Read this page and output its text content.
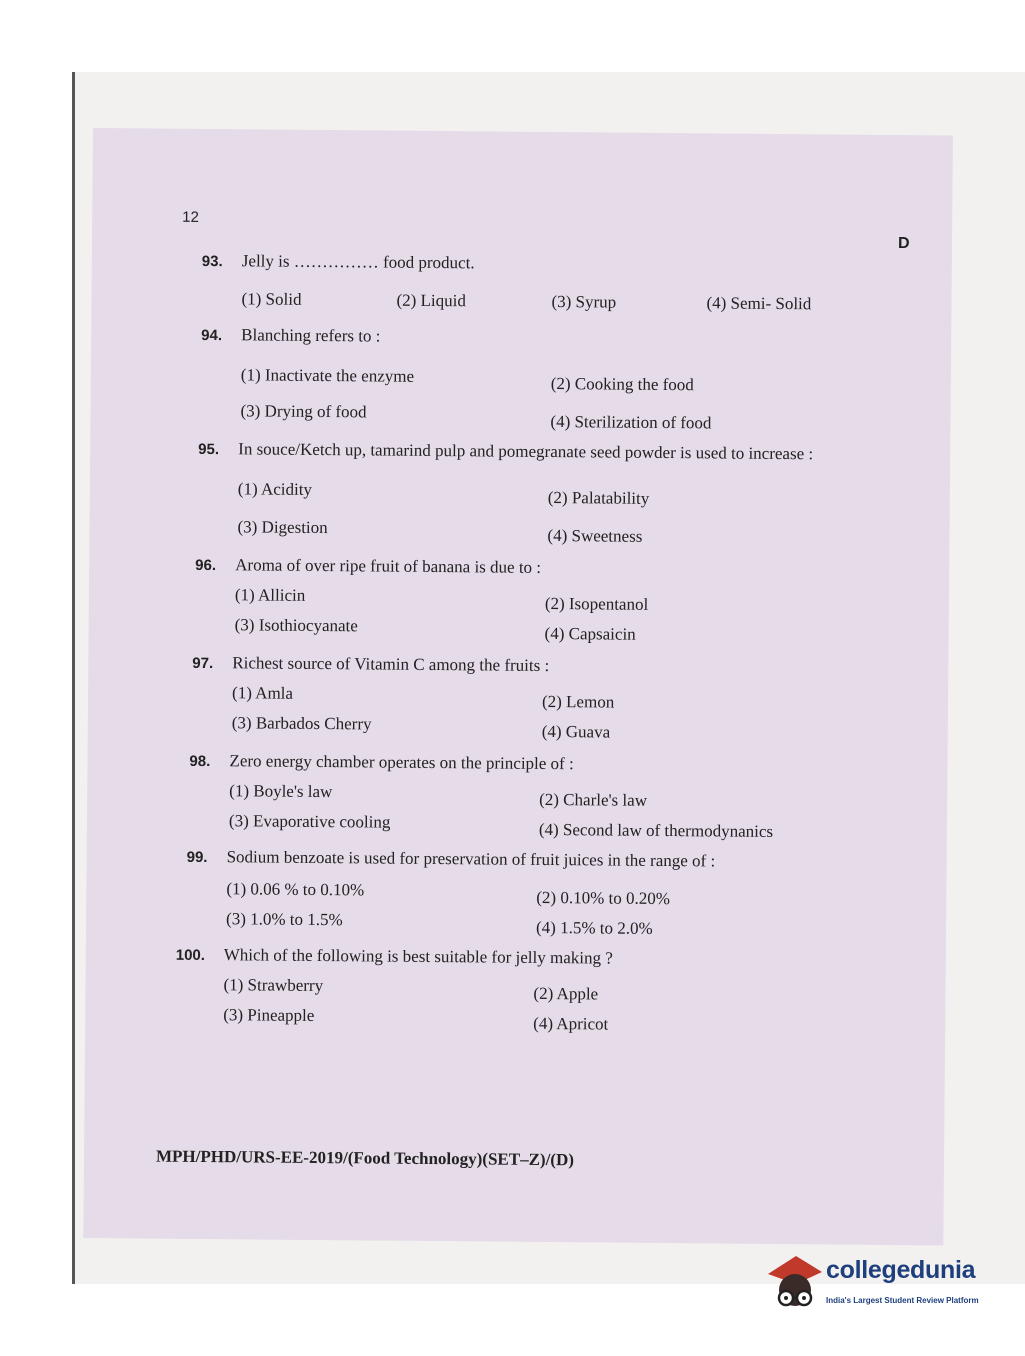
12
D
93. Jelly is …………… food product.
(1) Solid	(2) Liquid	(3) Syrup	(4) Semi- Solid
94. Blanching refers to :
(1) Inactivate the enzyme	(2) Cooking the food
(3) Drying of food
(4) Sterilization of food
95. In souce/Ketch up, tamarind pulp and pomegranate seed powder is used to increase :
(1) Acidity	(2) Palatability
(3) Digestion	(4) Sweetness
96. Aroma of over ripe fruit of banana is due to :
(1) Allicin	(2) Isopentanol
(3) Isothiocyanate	(4) Capsaicin
97. Richest source of Vitamin C among the fruits :
(1) Amla	(2) Lemon
(3) Barbados Cherry	(4) Guava
98. Zero energy chamber operates on the principle of :
(1) Boyle's law	(2) Charle's law
(3) Evaporative cooling	(4) Second law of thermodynanics
99. Sodium benzoate is used for preservation of fruit juices in the range of :
(1) 0.06 % to 0.10%	(2) 0.10% to 0.20%
(3) 1.0% to 1.5%	(4) 1.5% to 2.0%
100. Which of the following is best suitable for jelly making ?
(1) Strawberry	(2) Apple
(3) Pineapple	(4) Apricot
MPH/PHD/URS-EE-2019/(Food Technology)(SET–Z)/(D)
collegedunia
India's Largest Student Review Platform
